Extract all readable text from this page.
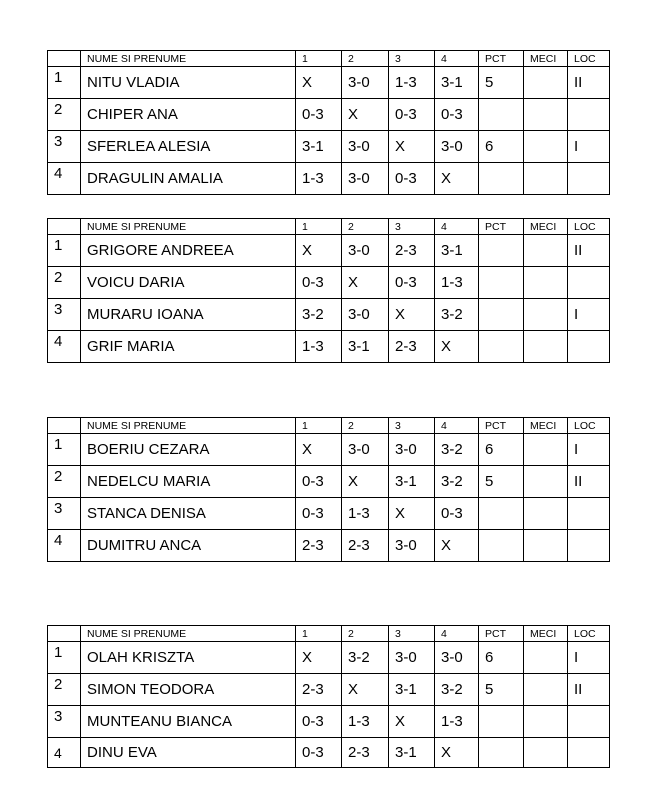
	NUME SI PRENUME	1	2	3	4	PCT	MECI	LOC
1	NITU VLADIA	X	3-0	1-3	3-1	5		II
2	CHIPER ANA	0-3	X	0-3	0-3			
3	SFERLEA ALESIA	3-1	3-0	X	3-0	6		I
4	DRAGULIN AMALIA	1-3	3-0	0-3	X			
	NUME SI PRENUME	1	2	3	4	PCT	MECI	LOC
1	GRIGORE ANDREEA	X	3-0	2-3	3-1			II
2	VOICU DARIA	0-3	X	0-3	1-3			
3	MURARU IOANA	3-2	3-0	X	3-2			I
4	GRIF MARIA	1-3	3-1	2-3	X			
	NUME SI PRENUME	1	2	3	4	PCT	MECI	LOC
1	BOERIU CEZARA	X	3-0	3-0	3-2	6		I
2	NEDELCU MARIA	0-3	X	3-1	3-2	5		II
3	STANCA DENISA	0-3	1-3	X	0-3			
4	DUMITRU ANCA	2-3	2-3	3-0	X			
	NUME SI PRENUME	1	2	3	4	PCT	MECI	LOC
1	OLAH KRISZTA	X	3-2	3-0	3-0	6		I
2	SIMON TEODORA	2-3	X	3-1	3-2	5		II
3	MUNTEANU BIANCA	0-3	1-3	X	1-3			
4	DINU EVA	0-3	2-3	3-1	X			
